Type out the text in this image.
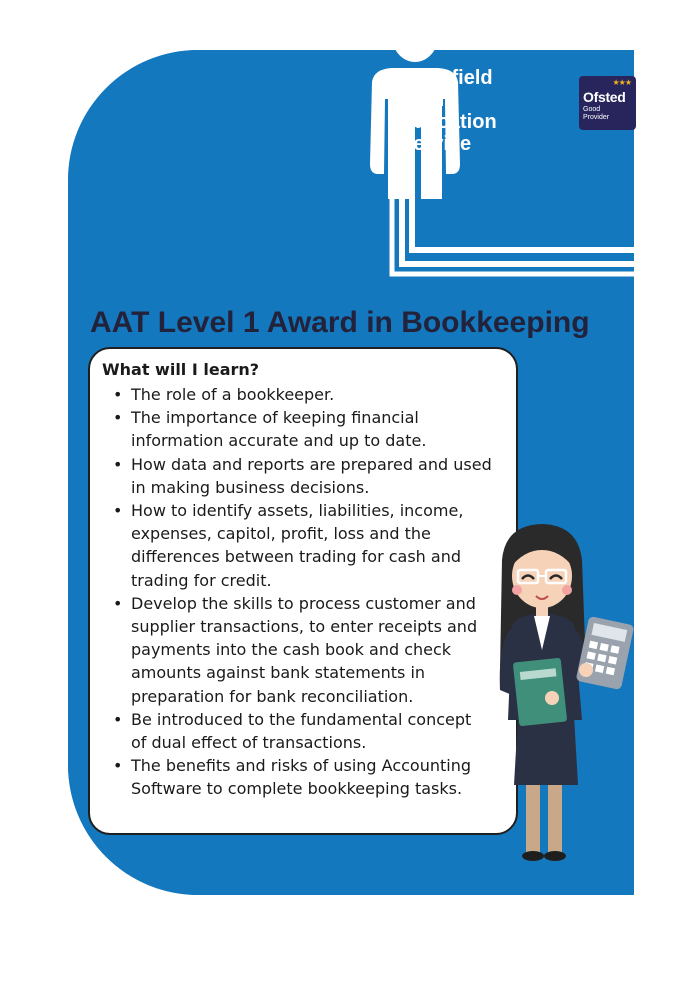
Wakefield
Adult
Education
Service
★★★
Ofsted
Good
Provider
AAT Level 1 Award in Bookkeeping
What will I learn?
• The role of a bookkeeper.
• The importance of keeping financial
information accurate and up to date.
• How data and reports are prepared and used
in making business decisions.
• How to identify assets, liabilities, income,
expenses, capitol, profit, loss and the
differences between trading for cash and
trading for credit.
• Develop the skills to process customer and
supplier transactions, to enter receipts and
payments into the cash book and check
amounts against bank statements in
preparation for bank reconciliation.
• Be introduced to the fundamental concept
of dual effect of transactions.
• The benefits and risks of using Accounting
Software to complete bookkeeping tasks.
